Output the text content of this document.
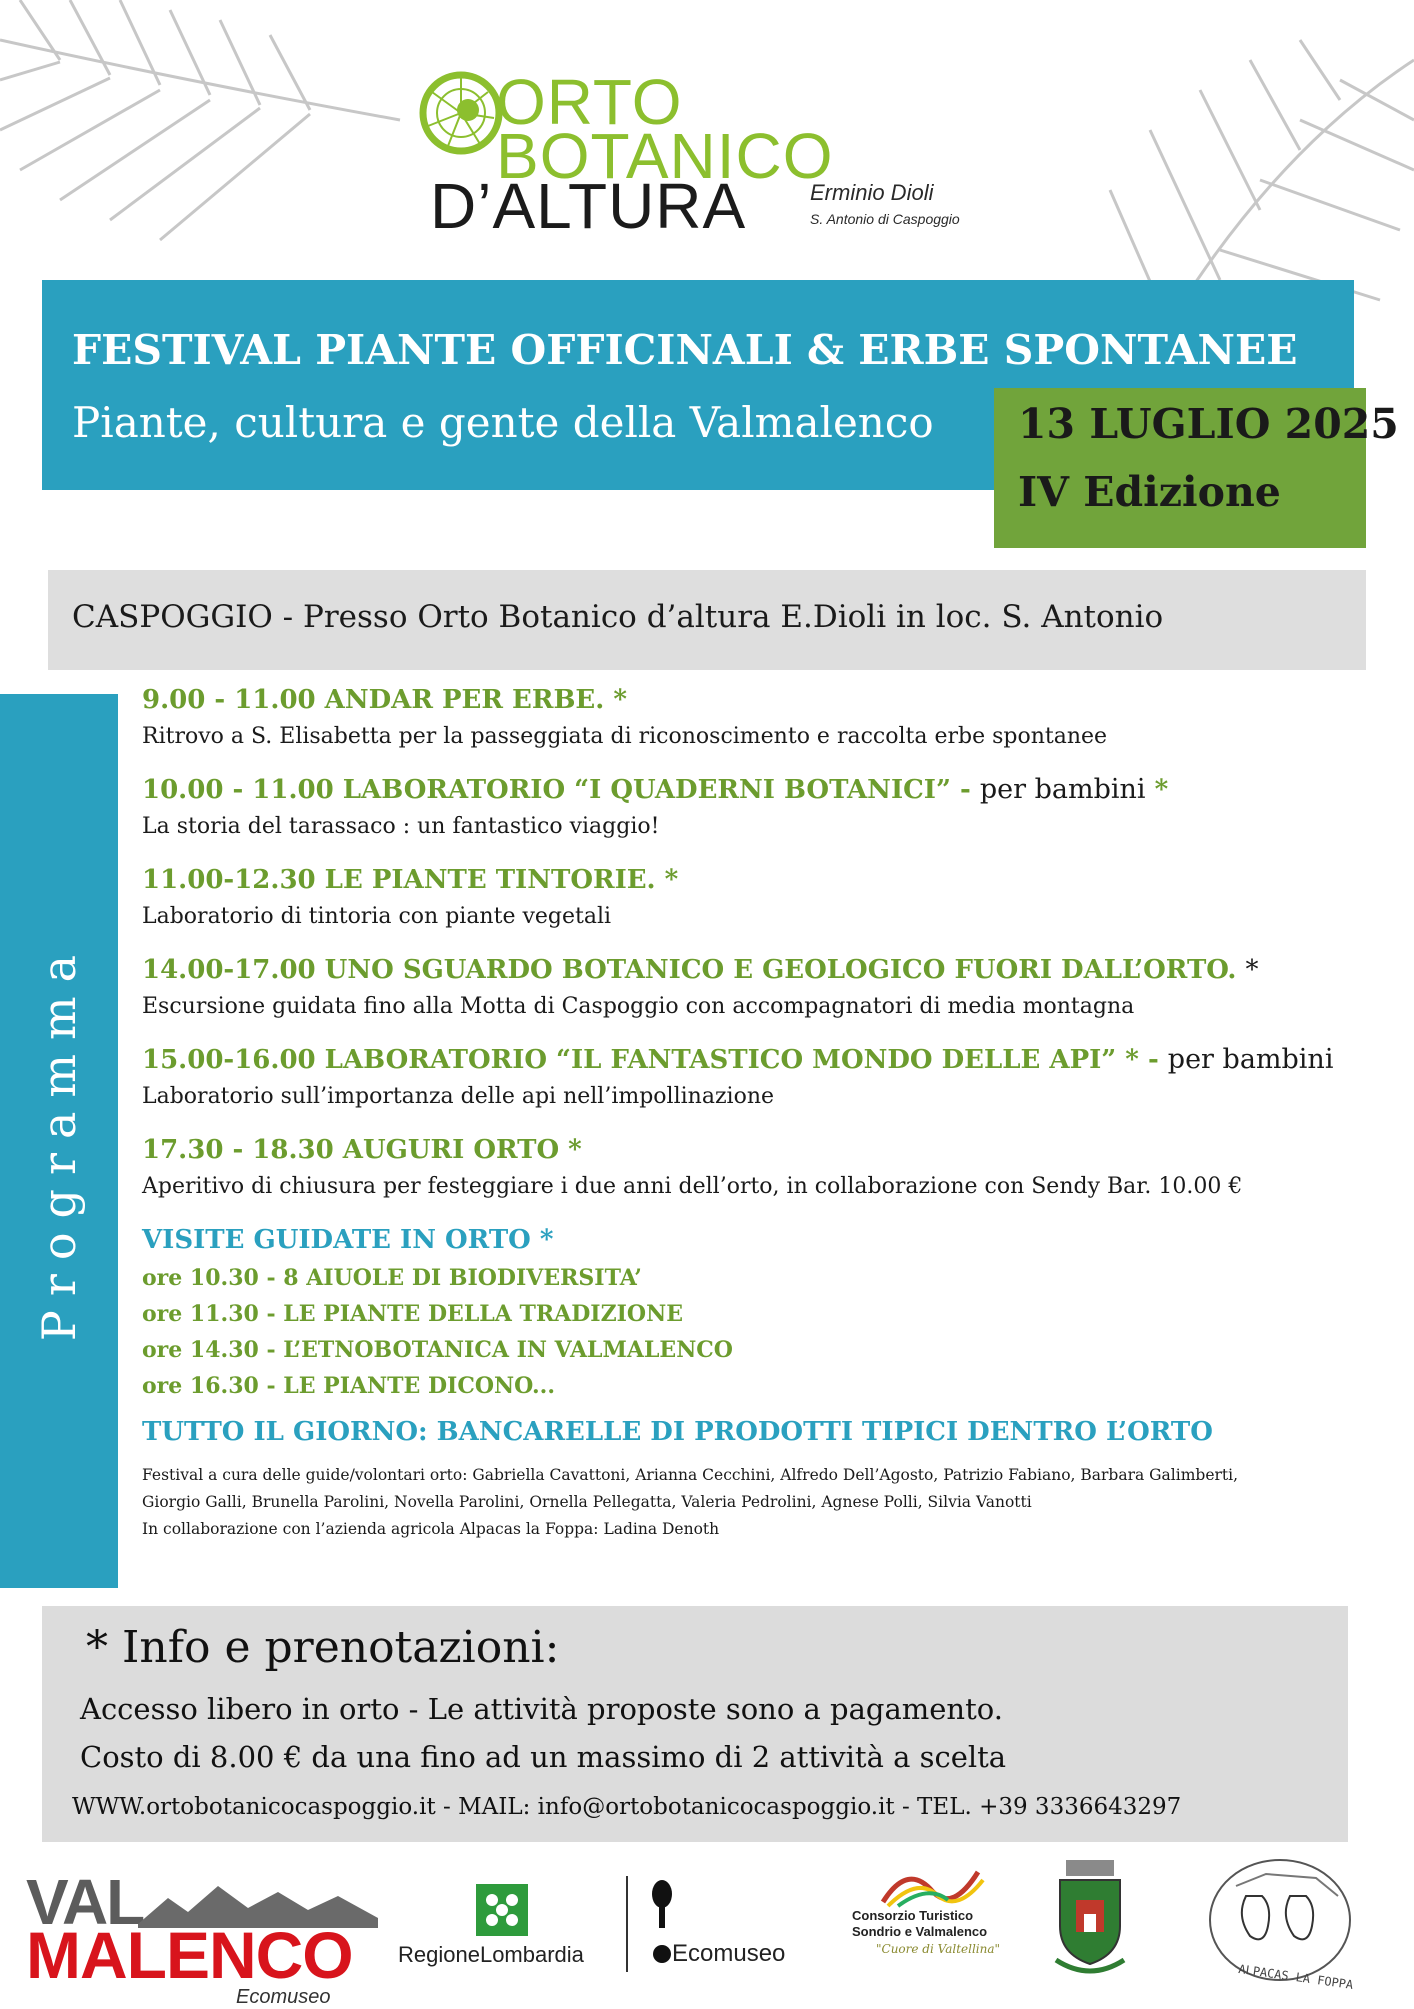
ORTO
BOTANICO
D’ALTURA	Erminio Dioli
S. Antonio di Caspoggio
FESTIVAL PIANTE OFFICINALI & ERBE SPONTANEE
Piante, cultura e gente della Valmalenco 13 LUGLIO 2025
IV Edizione
CASPOGGIO - Presso Orto Botanico d’altura E.Dioli in loc. S. Antonio
Programma
9.00 - 11.00 ANDAR PER ERBE. *
Ritrovo a S. Elisabetta per la passeggiata di riconoscimento e raccolta erbe spontanee
10.00 - 11.00 LABORATORIO “I QUADERNI BOTANICI” - per bambini *
La storia del tarassaco : un fantastico viaggio!
11.00-12.30 LE PIANTE TINTORIE. *
Laboratorio di tintoria con piante vegetali
14.00-17.00 UNO SGUARDO BOTANICO E GEOLOGICO FUORI DALL’ORTO. *
Escursione guidata fino alla Motta di Caspoggio con accompagnatori di media montagna
15.00-16.00 LABORATORIO “IL FANTASTICO MONDO DELLE API” * - per bambini
Laboratorio sull’importanza delle api nell’impollinazione
17.30 - 18.30 AUGURI ORTO *
Aperitivo di chiusura per festeggiare i due anni dell’orto, in collaborazione con Sendy Bar. 10.00 €
VISITE GUIDATE IN ORTO *
ore 10.30 - 8 AIUOLE DI BIODIVERSITA’
ore 11.30 - LE PIANTE DELLA TRADIZIONE
ore 14.30 - L’ETNOBOTANICA IN VALMALENCO
ore 16.30 - LE PIANTE DICONO...
TUTTO IL GIORNO: BANCARELLE DI PRODOTTI TIPICI DENTRO L’ORTO
Festival a cura delle guide/volontari orto: Gabriella Cavattoni, Arianna Cecchini, Alfredo Dell’Agosto, Patrizio Fabiano, Barbara Galimberti,
Giorgio Galli, Brunella Parolini, Novella Parolini, Ornella Pellegatta, Valeria Pedrolini, Agnese Polli, Silvia Vanotti
In collaborazione con l’azienda agricola Alpacas la Foppa: Ladina Denoth
* Info e prenotazioni:
Accesso libero in orto - Le attività proposte sono a pagamento.
Costo di 8.00 € da una fino ad un massimo di 2 attività a scelta
WWW.ortobotanicocaspoggio.it - MAIL: info@ortobotanicocaspoggio.it - TEL. +39 3336643297
VAL
MALENCO
Ecomuseo
RegioneLombardia	Ecomuseo
Consorzio Turistico
Sondrio e Valmalenco
"Cuore di Valtellina"
ALPACAS LA FOPPA
